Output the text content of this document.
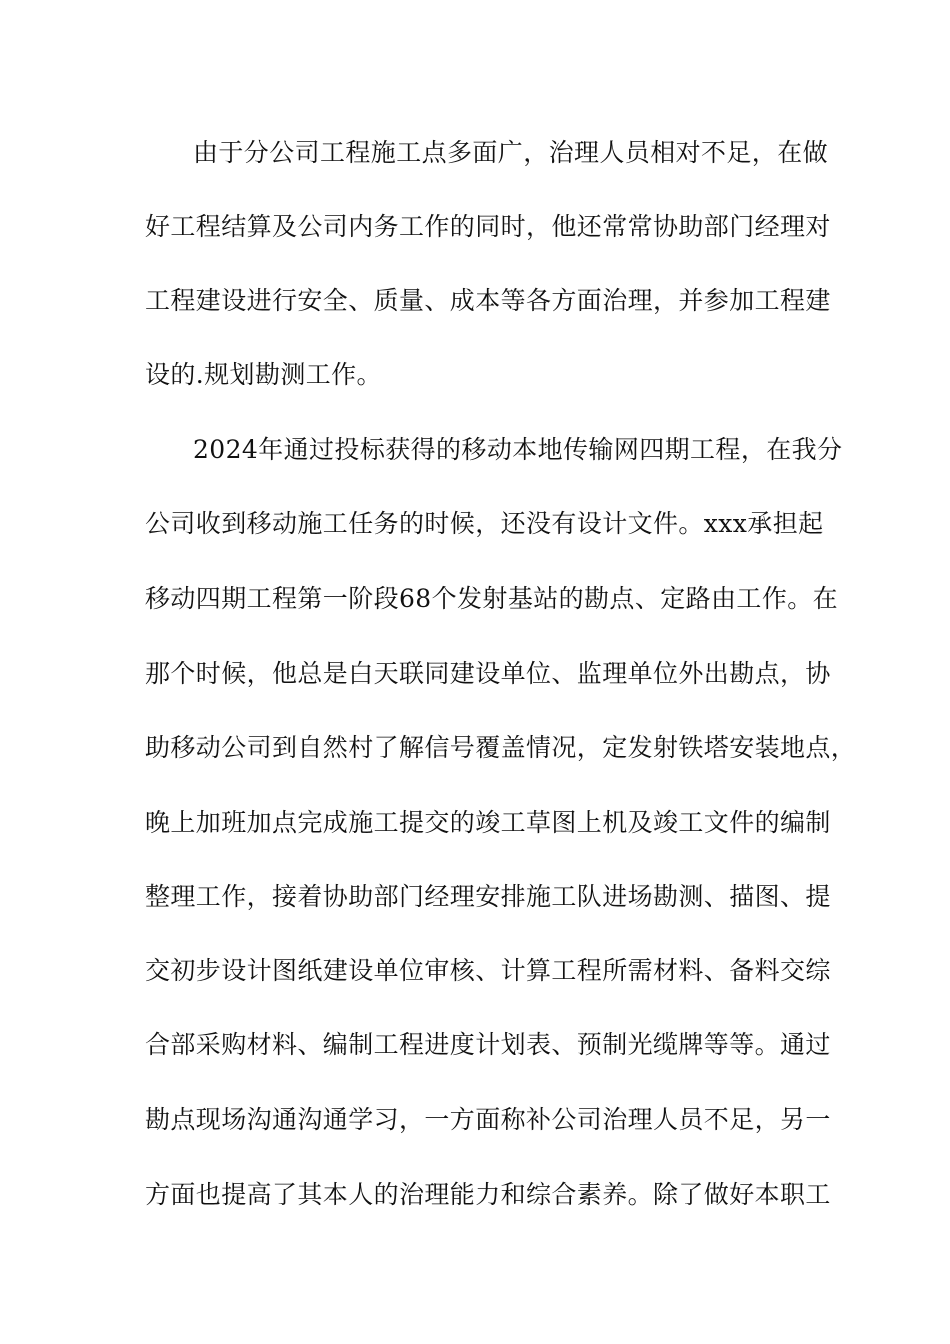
由于分公司工程施工点多面广，治理人员相对不足，在做
好工程结算及公司内务工作的同时，他还常常协助部门经理对
工程建设进行安全、质量、成本等各方面治理，并参加工程建
设的.规划勘测工作。
2024年通过投标获得的移动本地传输网四期工程，在我分
公司收到移动施工任务的时候，还没有设计文件。xxx承担起
移动四期工程第一阶段68个发射基站的勘点、定路由工作。在
那个时候，他总是白天联同建设单位、监理单位外出勘点，协
助移动公司到自然村了解信号覆盖情况，定发射铁塔安装地点，
晚上加班加点完成施工提交的竣工草图上机及竣工文件的编制
整理工作，接着协助部门经理安排施工队进场勘测、描图、提
交初步设计图纸建设单位审核、计算工程所需材料、备料交综
合部采购材料、编制工程进度计划表、预制光缆牌等等。通过
勘点现场沟通沟通学习，一方面称补公司治理人员不足，另一
方面也提高了其本人的治理能力和综合素养。除了做好本职工
